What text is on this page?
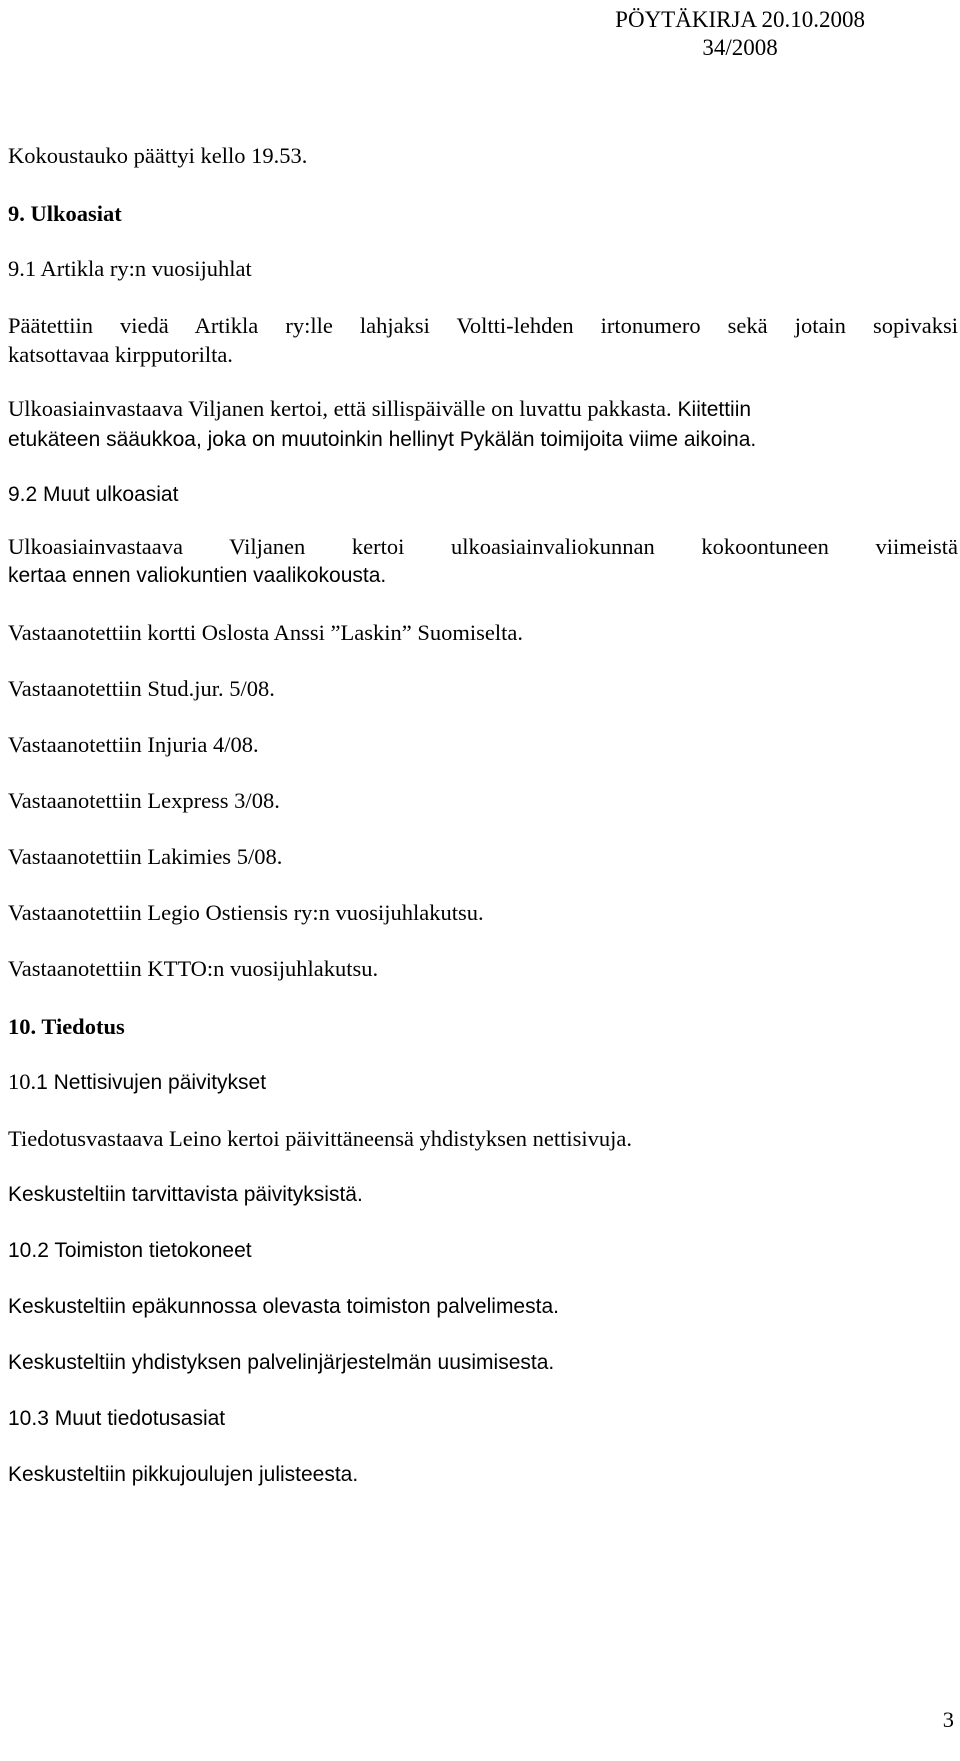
PÖYTÄKIRJA 20.10.2008
34/2008

Kokoustauko päättyi kello 19.53.

9. Ulkoasiat

9.1 Artikla ry:n vuosijuhlat

Päätettiin viedä Artikla ry:lle lahjaksi Voltti-lehden irtonumero sekä jotain sopivaksi
katsottavaa kirpputorilta.
Ulkoasiainvastaava Viljanen kertoi, että sillispäivälle on luvattu pakkasta. Kiitettiin
etukäteen sääukkoa, joka on muutoinkin hellinyt Pykälän toimijoita viime aikoina.

9.2 Muut ulkoasiat

Ulkoasiainvastaava Viljanen kertoi ulkoasiainvaliokunnan kokoontuneen viimeistä
kertaa ennen valiokuntien vaalikokousta.

Vastaanotettiin kortti Oslosta Anssi ”Laskin” Suomiselta.

Vastaanotettiin Stud.jur. 5/08.

Vastaanotettiin Injuria 4/08.

Vastaanotettiin Lexpress 3/08.

Vastaanotettiin Lakimies 5/08.

Vastaanotettiin Legio Ostiensis ry:n vuosijuhlakutsu.

Vastaanotettiin KTTO:n vuosijuhlakutsu.

10. Tiedotus

10.1 Nettisivujen päivitykset

Tiedotusvastaava Leino kertoi päivittäneensä yhdistyksen nettisivuja.

Keskusteltiin tarvittavista päivityksistä.

10.2 Toimiston tietokoneet

Keskusteltiin epäkunnossa olevasta toimiston palvelimesta.

Keskusteltiin yhdistyksen palvelinjärjestelmän uusimisesta.

10.3 Muut tiedotusasiat

Keskusteltiin pikkujoulujen julisteesta.

3
